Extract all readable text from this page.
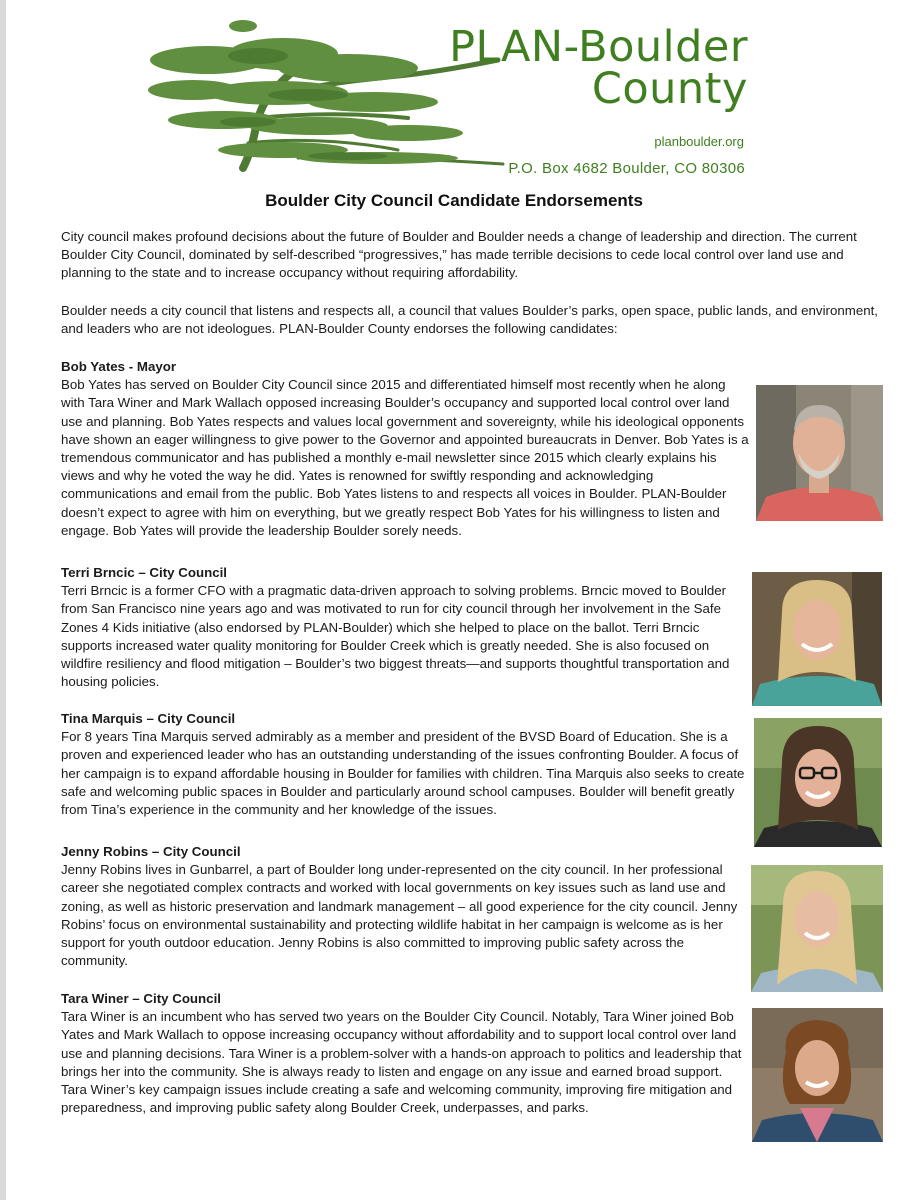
PLAN-Boulder
County
planboulder.org
P.O. Box 4682 Boulder, CO 80306
Boulder City Council Candidate Endorsements
City council makes profound decisions about the future of Boulder and Boulder needs a change of leadership and direction. The current Boulder City Council, dominated by self-described “progressives,” has made terrible decisions to cede local control over land use and planning to the state and to increase occupancy without requiring affordability.
Boulder needs a city council that listens and respects all, a council that values Boulder’s parks, open space, public lands, and environment, and leaders who are not ideologues. PLAN-Boulder County endorses the following candidates:
Bob Yates - Mayor
Bob Yates has served on Boulder City Council since 2015 and differentiated himself most recently when he along with Tara Winer and Mark Wallach opposed increasing Boulder’s occupancy and supported local control over land use and planning. Bob Yates respects and values local government and sovereignty, while his ideological opponents have shown an eager willingness to give power to the Governor and appointed bureaucrats in Denver. Bob Yates is a tremendous communicator and has published a monthly e-mail newsletter since 2015 which clearly explains his views and why he voted the way he did. Yates is renowned for swiftly responding and acknowledging communications and email from the public. Bob Yates listens to and respects all voices in Boulder. PLAN-Boulder doesn’t expect to agree with him on everything, but we greatly respect Bob Yates for his willingness to listen and engage. Bob Yates will provide the leadership Boulder sorely needs.
Terri Brncic – City Council
Terri Brncic is a former CFO with a pragmatic data-driven approach to solving problems. Brncic moved to Boulder from San Francisco nine years ago and was motivated to run for city council through her involvement in the Safe Zones 4 Kids initiative (also endorsed by PLAN-Boulder) which she helped to place on the ballot. Terri Brncic supports increased water quality monitoring for Boulder Creek which is greatly needed. She is also focused on wildfire resiliency and flood mitigation – Boulder’s two biggest threats—and supports thoughtful transportation and housing policies.
Tina Marquis – City Council
For 8 years Tina Marquis served admirably as a member and president of the BVSD Board of Education. She is a proven and experienced leader who has an outstanding understanding of the issues confronting Boulder. A focus of her campaign is to expand affordable housing in Boulder for families with children. Tina Marquis also seeks to create safe and welcoming public spaces in Boulder and particularly around school campuses. Boulder will benefit greatly from Tina’s experience in the community and her knowledge of the issues.
Jenny Robins – City Council
Jenny Robins lives in Gunbarrel, a part of Boulder long under-represented on the city council. In her professional career she negotiated complex contracts and worked with local governments on key issues such as land use and zoning, as well as historic preservation and landmark management – all good experience for the city council. Jenny Robins’ focus on environmental sustainability and protecting wildlife habitat in her campaign is welcome as is her support for youth outdoor education. Jenny Robins is also committed to improving public safety across the community.
Tara Winer – City Council
Tara Winer is an incumbent who has served two years on the Boulder City Council. Notably, Tara Winer joined Bob Yates and Mark Wallach to oppose increasing occupancy without affordability and to support local control over land use and planning decisions. Tara Winer is a problem-solver with a hands-on approach to politics and leadership that brings her into the community. She is always ready to listen and engage on any issue and earned broad support. Tara Winer’s key campaign issues include creating a safe and welcoming community, improving fire mitigation and preparedness, and improving public safety along Boulder Creek, underpasses, and parks.
